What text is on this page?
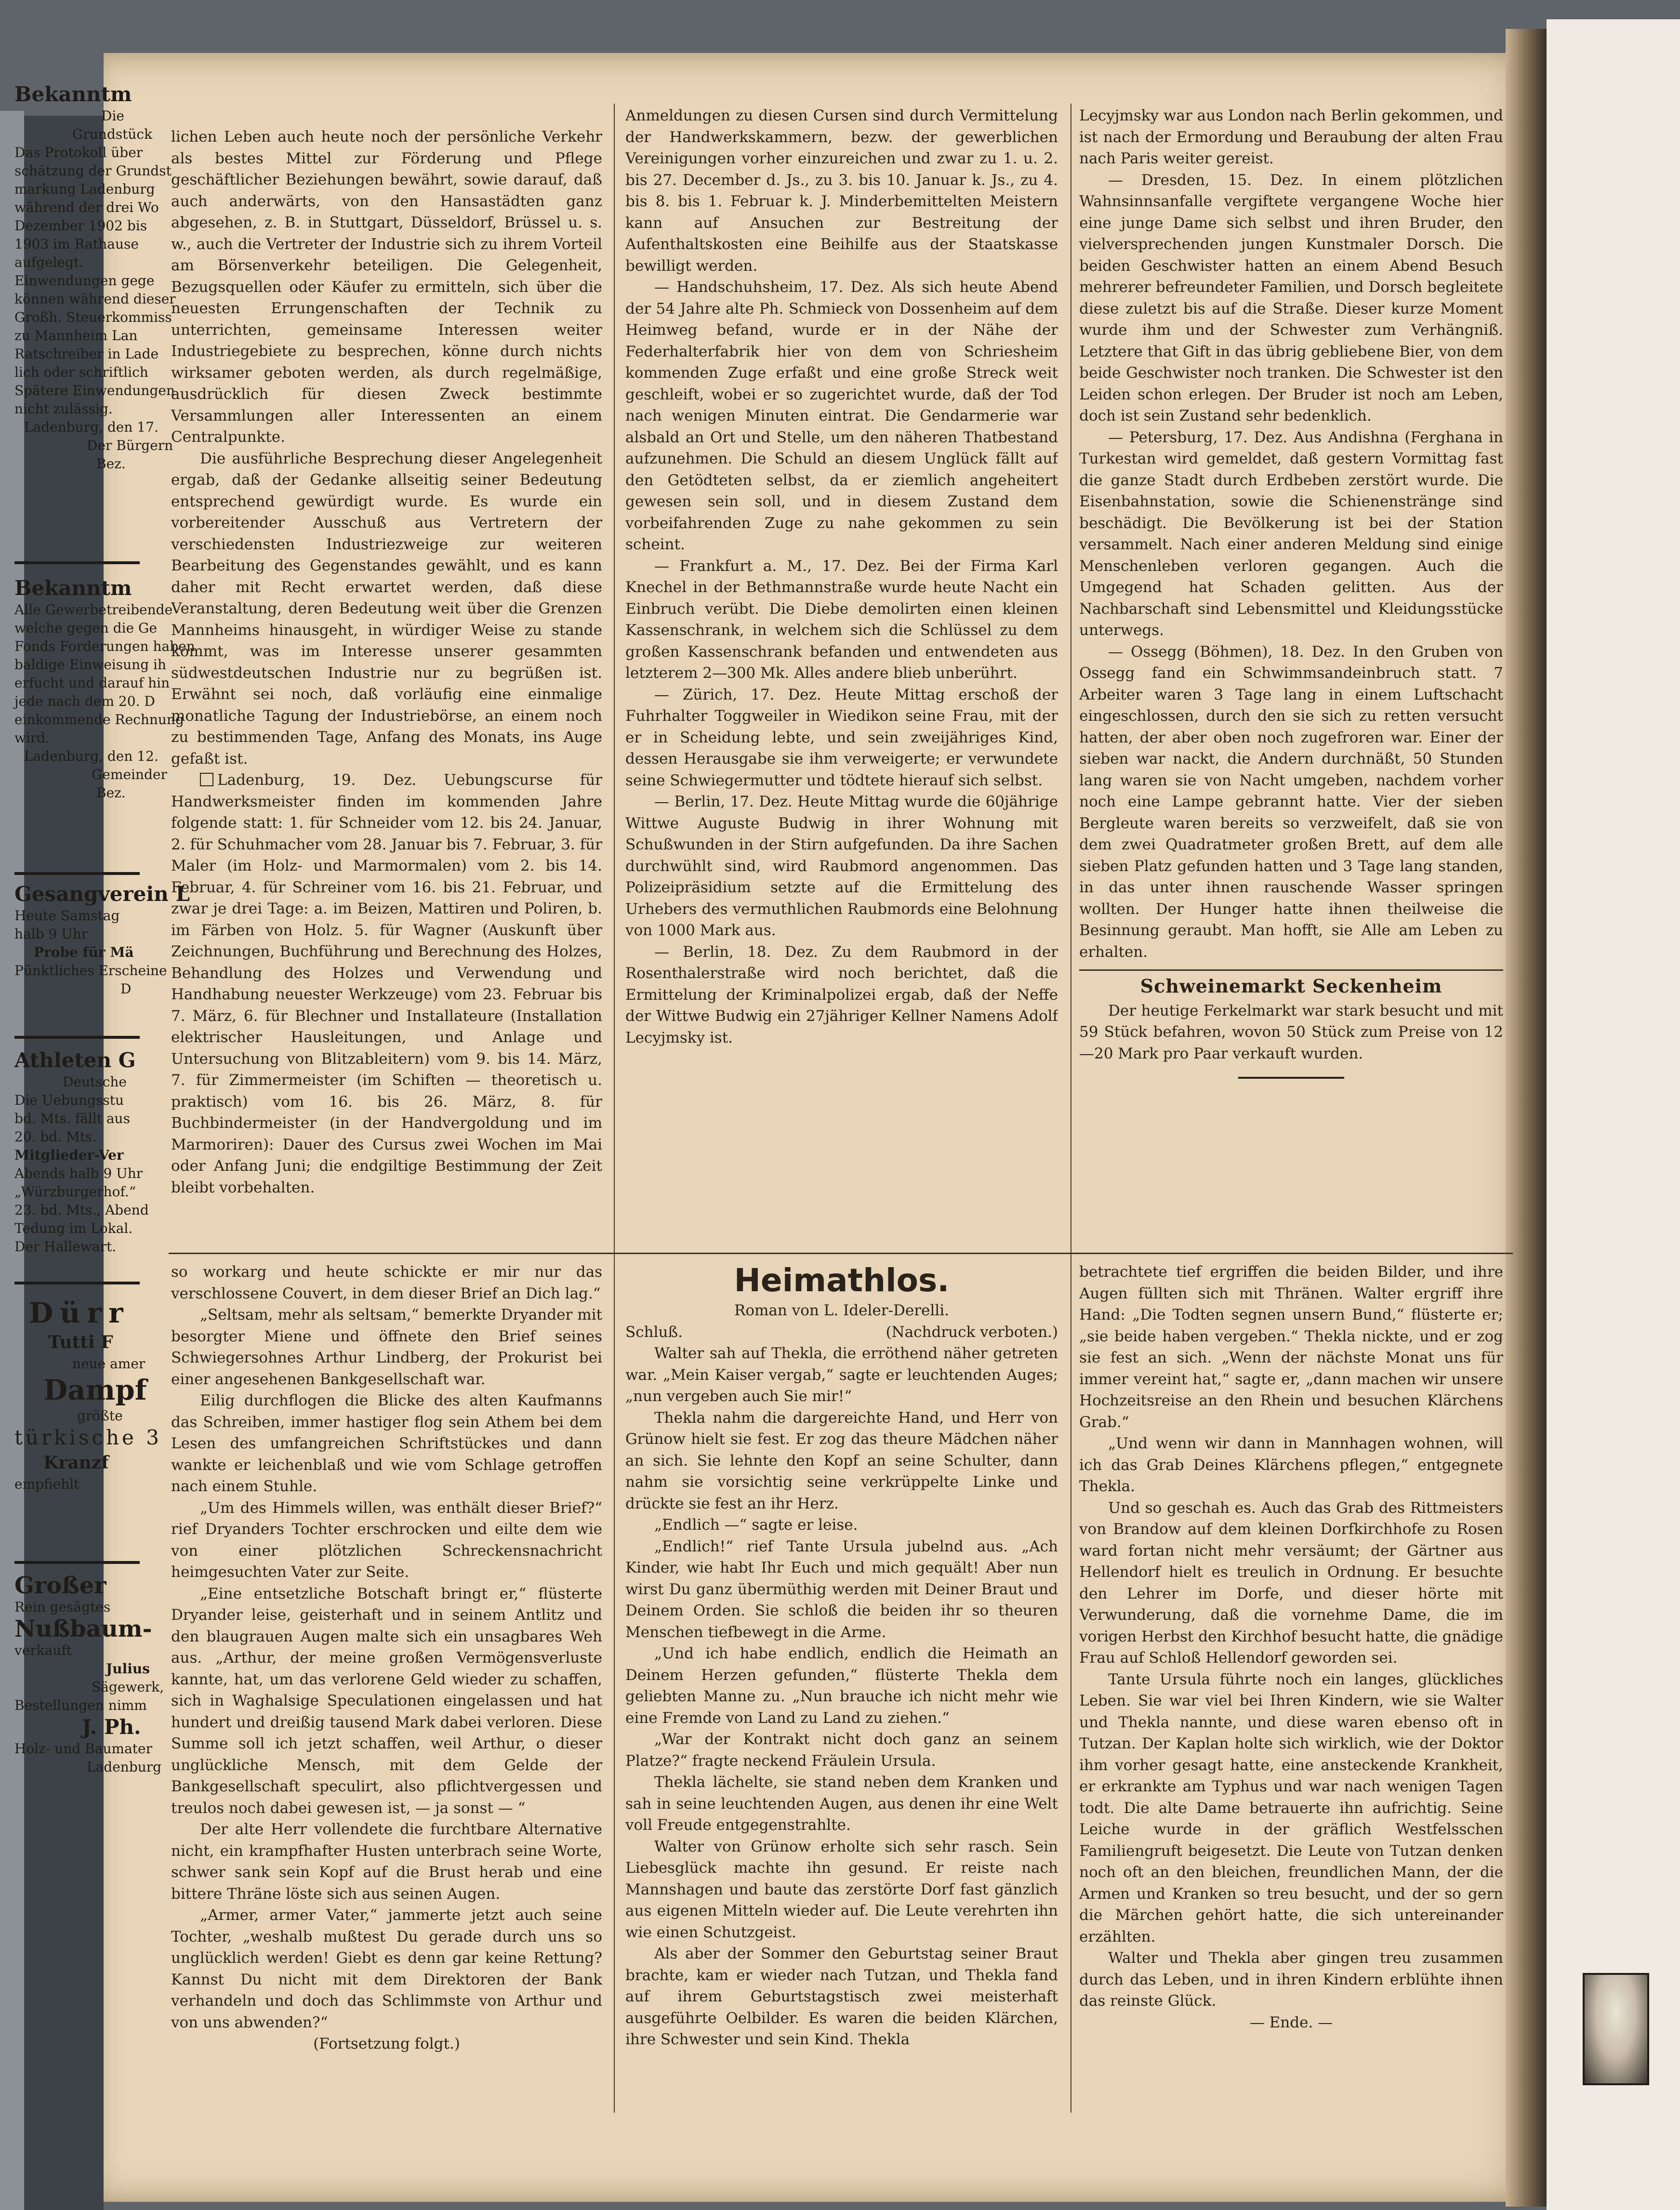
lichen Leben auch heute noch der persönliche Verkehr als bestes Mittel zur Förderung und Pflege geschäftlicher Beziehungen bewährt, sowie darauf, daß auch anderwärts, von den Hansastädten ganz abgesehen, z. B. in Stuttgart, Düsseldorf, Brüssel u. s. w., auch die Vertreter der Industrie sich zu ihrem Vorteil am Börsenverkehr beteiligen. Die Gelegenheit, Bezugsquellen oder Käufer zu ermitteln, sich über die neuesten Errungenschaften der Technik zu unterrichten, gemeinsame Interessen weiter Industriegebiete zu besprechen, könne durch nichts wirksamer geboten werden, als durch regelmäßige, ausdrücklich für diesen Zweck bestimmte Versammlungen aller Interessenten an einem Centralpunkte.

Die ausführliche Besprechung dieser Angelegenheit ergab, daß der Gedanke allseitig seiner Bedeutung entsprechend gewürdigt wurde. Es wurde ein vorbereitender Ausschuß aus Vertretern der verschiedensten Industriezweige zur weiteren Bearbeitung des Gegenstandes gewählt, und es kann daher mit Recht erwartet werden, daß diese Veranstaltung, deren Bedeutung weit über die Grenzen Mannheims hinausgeht, in würdiger Weise zu stande kommt, was im Interesse unserer gesammten südwestdeutschen Industrie nur zu begrüßen ist. Erwähnt sei noch, daß vorläufig eine einmalige monatliche Tagung der Industriebörse, an einem noch zu bestimmenden Tage, Anfang des Monats, ins Auge gefaßt ist.

Ladenburg, 19. Dez. Uebungscurse für Handwerksmeister finden im kommenden Jahre folgende statt: 1. für Schneider vom 12. bis 24. Januar, 2. für Schuhmacher vom 28. Januar bis 7. Februar, 3. für Maler (im Holz- und Marmormalen) vom 2. bis 14. Februar, 4. für Schreiner vom 16. bis 21. Februar, und zwar je drei Tage: a. im Beizen, Mattiren und Poliren, b. im Färben von Holz. 5. für Wagner (Auskunft über Zeichnungen, Buchführung und Berechnung des Holzes, Behandlung des Holzes und Verwendung und Handhabung neuester Werkzeuge) vom 23. Februar bis 7. März, 6. für Blechner und Installateure (Installation elektrischer Hausleitungen, und Anlage und Untersuchung von Blitzableitern) vom 9. bis 14. März, 7. für Zimmermeister (im Schiften — theoretisch u. praktisch) vom 16. bis 26. März, 8. für Buchbindermeister (in der Handvergoldung und im Marmoriren): Dauer des Cursus zwei Wochen im Mai oder Anfang Juni; die endgiltige Bestimmung der Zeit bleibt vorbehalten.

Anmeldungen zu diesen Cursen sind durch Vermittelung der Handwerkskammern, bezw. der gewerblichen Vereinigungen vorher einzureichen und zwar zu 1. u. 2. bis 27. December d. Js., zu 3. bis 10. Januar k. Js., zu 4. bis 8. bis 1. Februar k. J. Minderbemittelten Meistern kann auf Ansuchen zur Bestreitung der Aufenthaltskosten eine Beihilfe aus der Staatskasse bewilligt werden.

— Handschuhsheim, 17. Dez. Als sich heute Abend der 54 Jahre alte Ph. Schmieck von Dossenheim auf dem Heimweg befand, wurde er in der Nähe der Federhalterfabrik hier von dem von Schriesheim kommenden Zuge erfaßt und eine große Streck weit geschleift, wobei er so zugerichtet wurde, daß der Tod nach wenigen Minuten eintrat. Die Gendarmerie war alsbald an Ort und Stelle, um den näheren Thatbestand aufzunehmen. Die Schuld an diesem Unglück fällt auf den Getödteten selbst, da er ziemlich angeheitert gewesen sein soll, und in diesem Zustand dem vorbeifahrenden Zuge zu nahe gekommen zu sein scheint.

— Frankfurt a. M., 17. Dez. Bei der Firma Karl Knechel in der Bethmannstraße wurde heute Nacht ein Einbruch verübt. Die Diebe demolirten einen kleinen Kassenschrank, in welchem sich die Schlüssel zu dem großen Kassenschrank befanden und entwendeten aus letzterem 2—300 Mk. Alles andere blieb unberührt.

— Zürich, 17. Dez. Heute Mittag erschoß der Fuhrhalter Toggweiler in Wiedikon seine Frau, mit der er in Scheidung lebte, und sein zweijähriges Kind, dessen Herausgabe sie ihm verweigerte; er verwundete seine Schwiegermutter und tödtete hierauf sich selbst.

— Berlin, 17. Dez. Heute Mittag wurde die 60jährige Wittwe Auguste Budwig in ihrer Wohnung mit Schußwunden in der Stirn aufgefunden. Da ihre Sachen durchwühlt sind, wird Raubmord angenommen. Das Polizeipräsidium setzte auf die Ermittelung des Urhebers des vermuthlichen Raubmords eine Belohnung von 1000 Mark aus.

— Berlin, 18. Dez. Zu dem Raubmord in der Rosenthalerstraße wird noch berichtet, daß die Ermittelung der Kriminalpolizei ergab, daß der Neffe der Wittwe Budwig ein 27jähriger Kellner Namens Adolf Lecyjmsky ist.

Lecyjmsky war aus London nach Berlin gekommen, und ist nach der Ermordung und Beraubung der alten Frau nach Paris weiter gereist.

— Dresden, 15. Dez. In einem plötzlichen Wahnsinnsanfalle vergiftete vergangene Woche hier eine junge Dame sich selbst und ihren Bruder, den vielversprechenden jungen Kunstmaler Dorsch. Die beiden Geschwister hatten an einem Abend Besuch mehrerer befreundeter Familien, und Dorsch begleitete diese zuletzt bis auf die Straße. Dieser kurze Moment wurde ihm und der Schwester zum Verhängniß. Letztere that Gift in das übrig gebliebene Bier, von dem beide Geschwister noch tranken. Die Schwester ist den Leiden schon erlegen. Der Bruder ist noch am Leben, doch ist sein Zustand sehr bedenklich.

— Petersburg, 17. Dez. Aus Andishna (Ferghana in Turkestan wird gemeldet, daß gestern Vormittag fast die ganze Stadt durch Erdbeben zerstört wurde. Die Eisenbahnstation, sowie die Schienenstränge sind beschädigt. Die Bevölkerung ist bei der Station versammelt. Nach einer anderen Meldung sind einige Menschenleben verloren gegangen. Auch die Umgegend hat Schaden gelitten. Aus der Nachbarschaft sind Lebensmittel und Kleidungsstücke unterwegs.

— Ossegg (Böhmen), 18. Dez. In den Gruben von Ossegg fand ein Schwimmsandeinbruch statt. 7 Arbeiter waren 3 Tage lang in einem Luftschacht eingeschlossen, durch den sie sich zu retten versucht hatten, der aber oben noch zugefroren war. Einer der sieben war nackt, die Andern durchnäßt, 50 Stunden lang waren sie von Nacht umgeben, nachdem vorher noch eine Lampe gebrannt hatte. Vier der sieben Bergleute waren bereits so verzweifelt, daß sie von dem zwei Quadratmeter großen Brett, auf dem alle sieben Platz gefunden hatten und 3 Tage lang standen, in das unter ihnen rauschende Wasser springen wollten. Der Hunger hatte ihnen theilweise die Besinnung geraubt. Man hofft, sie Alle am Leben zu erhalten.

Schweinemarkt Seckenheim

Der heutige Ferkelmarkt war stark besucht und mit 59 Stück befahren, wovon 50 Stück zum Preise von 12—20 Mark pro Paar verkauft wurden.

so workarg und heute schickte er mir nur das verschlossene Couvert, in dem dieser Brief an Dich lag.“

„Seltsam, mehr als seltsam,“ bemerkte Dryander mit besorgter Miene und öffnete den Brief seines Schwiegersohnes Arthur Lindberg, der Prokurist bei einer angesehenen Bankgesellschaft war.

Eilig durchflogen die Blicke des alten Kaufmanns das Schreiben, immer hastiger flog sein Athem bei dem Lesen des umfangreichen Schriftstückes und dann wankte er leichenblaß und wie vom Schlage getroffen nach einem Stuhle.

„Um des Himmels willen, was enthält dieser Brief?“ rief Dryanders Tochter erschrocken und eilte dem wie von einer plötzlichen Schreckensnachricht heimgesuchten Vater zur Seite.

„Eine entsetzliche Botschaft bringt er,“ flüsterte Dryander leise, geisterhaft und in seinem Antlitz und den blaugrauen Augen malte sich ein unsagbares Weh aus. „Arthur, der meine großen Vermögensverluste kannte, hat, um das verlorene Geld wieder zu schaffen, sich in Waghalsige Speculationen eingelassen und hat hundert und dreißig tausend Mark dabei verloren. Diese Summe soll ich jetzt schaffen, weil Arthur, o dieser unglückliche Mensch, mit dem Gelde der Bankgesellschaft speculirt, also pflichtvergessen und treulos noch dabei gewesen ist, — ja sonst — “

Der alte Herr vollendete die furchtbare Alternative nicht, ein krampfhafter Husten unterbrach seine Worte, schwer sank sein Kopf auf die Brust herab und eine bittere Thräne löste sich aus seinen Augen.

„Armer, armer Vater,“ jammerte jetzt auch seine Tochter, „weshalb mußtest Du gerade durch uns so unglücklich werden! Giebt es denn gar keine Rettung? Kannst Du nicht mit dem Direktoren der Bank verhandeln und doch das Schlimmste von Arthur und von uns abwenden?“

(Fortsetzung folgt.)

Heimathlos.
Roman von L. Ideler-Derelli.
Schluß.	(Nachdruck verboten.)

Walter sah auf Thekla, die erröthend näher getreten war. „Mein Kaiser vergab,“ sagte er leuchtenden Auges; „nun vergeben auch Sie mir!“

Thekla nahm die dargereichte Hand, und Herr von Grünow hielt sie fest. Er zog das theure Mädchen näher an sich. Sie lehnte den Kopf an seine Schulter, dann nahm sie vorsichtig seine verkrüppelte Linke und drückte sie fest an ihr Herz.

„Endlich —“ sagte er leise.

„Endlich!“ rief Tante Ursula jubelnd aus. „Ach Kinder, wie habt Ihr Euch und mich gequält! Aber nun wirst Du ganz übermüthig werden mit Deiner Braut und Deinem Orden. Sie schloß die beiden ihr so theuren Menschen tiefbewegt in die Arme.

„Und ich habe endlich, endlich die Heimath an Deinem Herzen gefunden,“ flüsterte Thekla dem geliebten Manne zu. „Nun brauche ich nicht mehr wie eine Fremde von Land zu Land zu ziehen.“

„War der Kontrakt nicht doch ganz an seinem Platze?“ fragte neckend Fräulein Ursula.

Thekla lächelte, sie stand neben dem Kranken und sah in seine leuchtenden Augen, aus denen ihr eine Welt voll Freude entgegenstrahlte.

Walter von Grünow erholte sich sehr rasch. Sein Liebesglück machte ihn gesund. Er reiste nach Mannshagen und baute das zerstörte Dorf fast gänzlich aus eigenen Mitteln wieder auf. Die Leute verehrten ihn wie einen Schutzgeist.

Als aber der Sommer den Geburtstag seiner Braut brachte, kam er wieder nach Tutzan, und Thekla fand auf ihrem Geburtstagstisch zwei meisterhaft ausgeführte Oelbilder. Es waren die beiden Klärchen, ihre Schwester und sein Kind. Thekla

betrachtete tief ergriffen die beiden Bilder, und ihre Augen füllten sich mit Thränen. Walter ergriff ihre Hand: „Die Todten segnen unsern Bund,“ flüsterte er; „sie beide haben vergeben.“ Thekla nickte, und er zog sie fest an sich. „Wenn der nächste Monat uns für immer vereint hat,“ sagte er, „dann machen wir unsere Hochzeitsreise an den Rhein und besuchen Klärchens Grab.“

„Und wenn wir dann in Mannhagen wohnen, will ich das Grab Deines Klärchens pflegen,“ entgegnete Thekla.

Und so geschah es. Auch das Grab des Rittmeisters von Brandow auf dem kleinen Dorfkirchhofe zu Rosen ward fortan nicht mehr versäumt; der Gärtner aus Hellendorf hielt es treulich in Ordnung. Er besuchte den Lehrer im Dorfe, und dieser hörte mit Verwunderung, daß die vornehme Dame, die im vorigen Herbst den Kirchhof besucht hatte, die gnädige Frau auf Schloß Hellendorf geworden sei.

Tante Ursula führte noch ein langes, glückliches Leben. Sie war viel bei Ihren Kindern, wie sie Walter und Thekla nannte, und diese waren ebenso oft in Tutzan. Der Kaplan holte sich wirklich, wie der Doktor ihm vorher gesagt hatte, eine ansteckende Krankheit, er erkrankte am Typhus und war nach wenigen Tagen todt. Die alte Dame betrauerte ihn aufrichtig. Seine Leiche wurde in der gräflich Westfelsschen Familiengruft beigesetzt. Die Leute von Tutzan denken noch oft an den bleichen, freundlichen Mann, der die Armen und Kranken so treu besucht, und der so gern die Märchen gehört hatte, die sich untereinander erzählten.

Walter und Thekla aber gingen treu zusammen durch das Leben, und in ihren Kindern erblühte ihnen das reinste Glück.

— Ende. —

Bekanntm
Die
Grundstück
Das Protokoll über
schätzung der Grundst
markung Ladenburg
während der drei Wo
Dezember 1902 bis
1903 im Rathause
aufgelegt.
Einwendungen gege
können während dieser
Großh. Steuerkommiss
zu Mannheim Lan
Ratschreiber in Lade
lich oder schriftlich
Spätere Einwendungen
nicht zulässig.
Ladenburg, den 17.
Der Bürgern
Bez.
Bekanntm
Alle Gewerbetreibende
welche gegen die Ge
Fonds Forderungen haben
baldige Einweisung ih
erfucht und darauf hin
jede nach dem 20. D
einkommende Rechnung
wird.
Ladenburg, den 12.
Gemeinder
Bez.
Gesangverein L
Heute Samstag
halb 9 Uhr
Probe für Mä
Pünktliches Erscheine
D
Athleten G
Deutsche
Die Uebungsstu
bd. Mts. fällt aus
20. bd. Mts.
Mitglieder-Ver
Abends halb 9 Uhr
„Würzburgerhof.“
23. bd. Mts., Abend
Tedung im Lokal.
Der Hallewart.
Dürr
Tutti F
neue amer
Dampf
größte
türkische 3
Kranzf
empfiehlt
Großer
Rein gesägtes
Nußbaum-
verkauft
Julius
Sägewerk,
Bestellungen nimm
J. Ph.
Holz- und Baumater
Ladenburg
